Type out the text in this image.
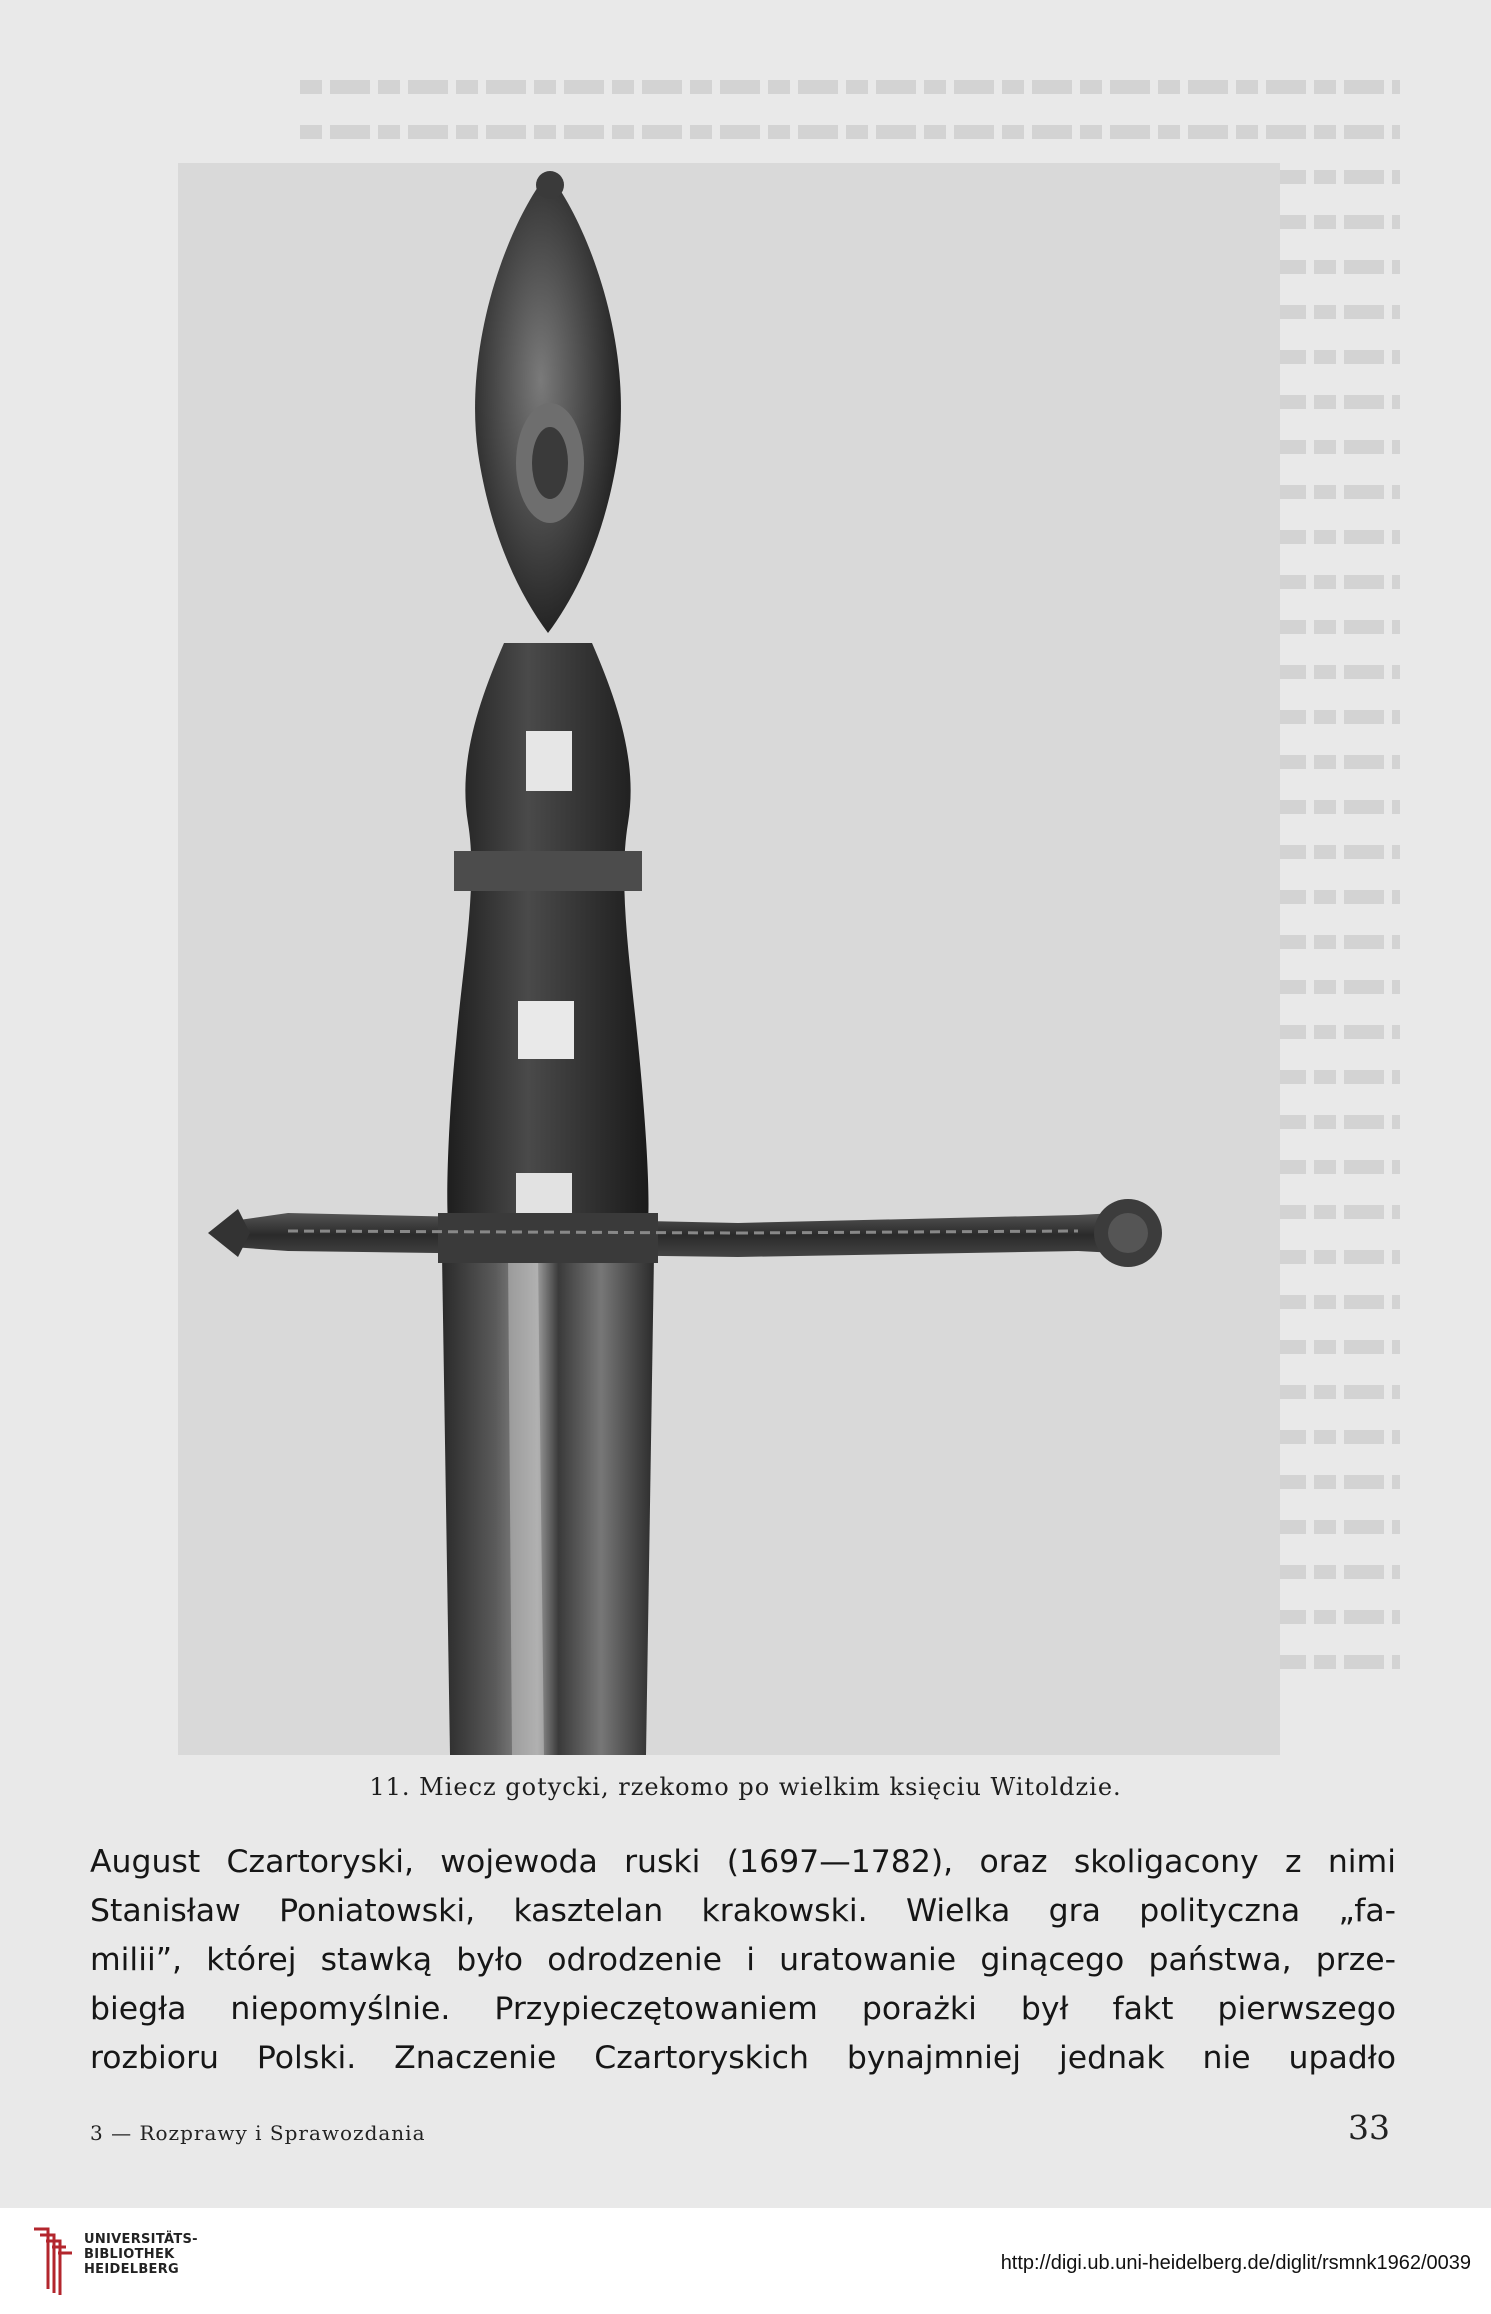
11. Miecz gotycki, rzekomo po wielkim księciu Witoldzie.
August Czartoryski, wojewoda ruski (1697—1782), oraz skoligacony z nimi
Stanisław Poniatowski, kasztelan krakowski. Wielka gra polityczna „fa-
milii”, której stawką było odrodzenie i uratowanie ginącego państwa, prze-
biegła niepomyślnie. Przypieczętowaniem porażki był fakt pierwszego
rozbioru Polski. Znaczenie Czartoryskich bynajmniej jednak nie upadło
3 — Rozprawy i Sprawozdania	33
UNIVERSITÄTS-
BIBLIOTHEK
HEIDELBERG	http://digi.ub.uni-heidelberg.de/diglit/rsmnk1962/0039
